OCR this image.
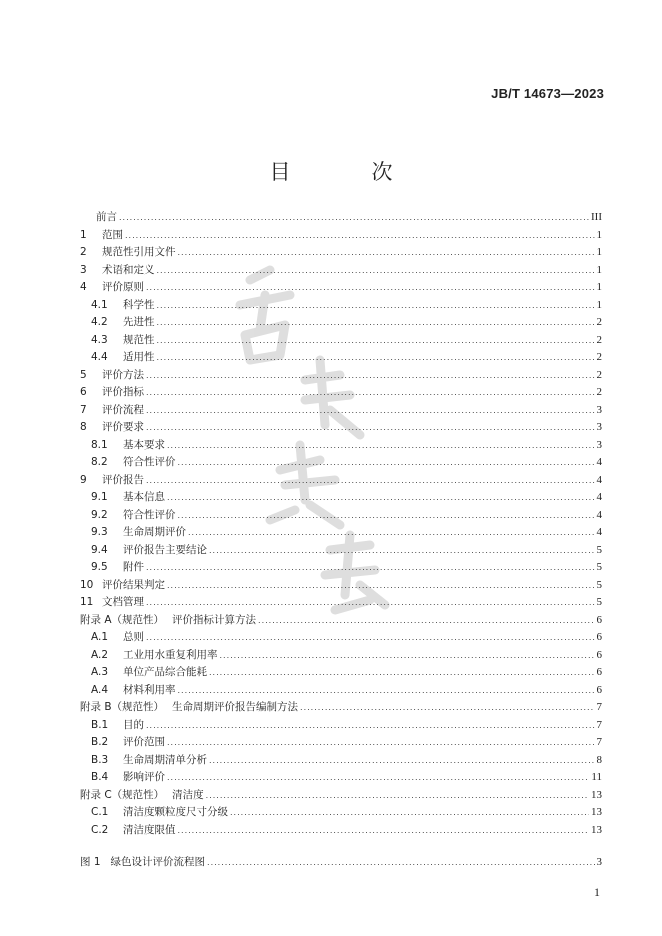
JB/T 14673—2023
目　次
前言 .....	III
1	范围 .....	1
2	规范性引用文件 .....	1
3	术语和定义 .....	1
4	评价原则 .....	1
4.1	科学性 .....	1
4.2	先进性 .....	2
4.3	规范性 .....	2
4.4	适用性 .....	2
5	评价方法 .....	2
6	评价指标 .....	2
7	评价流程 .....	3
8	评价要求 .....	3
8.1	基本要求 .....	3
8.2	符合性评价 .....	4
9	评价报告 .....	4
9.1	基本信息 .....	4
9.2	符合性评价 .....	4
9.3	生命周期评价 .....	4
9.4	评价报告主要结论 .....	5
9.5	附件 .....	5
10 评价结果判定 .....	5
11 文档管理 .....	5
附录 A（规范性） 评价指标计算方法 .....	6
A.1	总则 .....	6
A.2	工业用水重复利用率 .....	6
A.3	单位产品综合能耗 .....	6
A.4	材料利用率 .....	6
附录 B（规范性） 生命周期评价报告编制方法 .....	7
B.1	目的 .....	7
B.2	评价范围 .....	7
B.3	生命周期清单分析 .....	8
B.4	影响评价 .....	11
附录 C（规范性） 清洁度 .....	13
C.1	清洁度颗粒度尺寸分级 .....	13
C.2	清洁度限值 .....	13
图 1 绿色设计评价流程图 .....	3
1
